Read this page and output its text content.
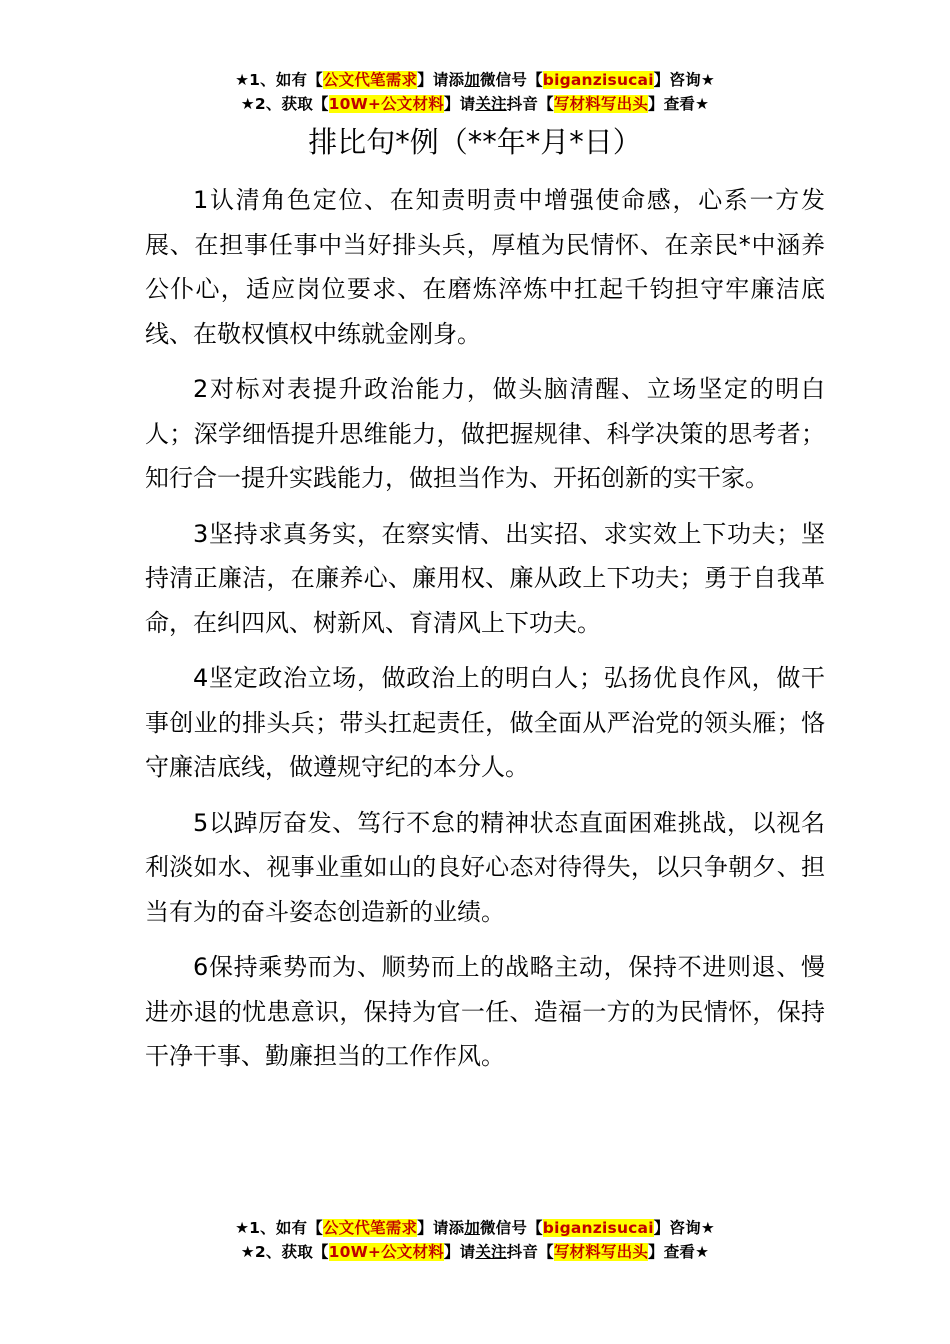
★1、如有【公文代笔需求】请添加微信号【biganzisucai】咨询★
★2、获取【10W+公文材料】请关注抖音【写材料写出头】查看★
排比句*例（**年*月*日）

1认清角色定位、在知责明责中增强使命感，心系一方发展、在担事任事中当好排头兵，厚植为民情怀、在亲民*中涵养公仆心，适应岗位要求、在磨炼淬炼中扛起千钧担守牢廉洁底线、在敬权慎权中练就金刚身。

2对标对表提升政治能力，做头脑清醒、立场坚定的明白人；深学细悟提升思维能力，做把握规律、科学决策的思考者；知行合一提升实践能力，做担当作为、开拓创新的实干家。

3坚持求真务实，在察实情、出实招、求实效上下功夫；坚持清正廉洁，在廉养心、廉用权、廉从政上下功夫；勇于自我革命，在纠四风、树新风、育清风上下功夫。

4坚定政治立场，做政治上的明白人；弘扬优良作风，做干事创业的排头兵；带头扛起责任，做全面从严治党的领头雁；恪守廉洁底线，做遵规守纪的本分人。

5以踔厉奋发、笃行不怠的精神状态直面困难挑战，以视名利淡如水、视事业重如山的良好心态对待得失，以只争朝夕、担当有为的奋斗姿态创造新的业绩。

6保持乘势而为、顺势而上的战略主动，保持不进则退、慢进亦退的忧患意识，保持为官一任、造福一方的为民情怀，保持干净干事、勤廉担当的工作作风。

★1、如有【公文代笔需求】请添加微信号【biganzisucai】咨询★
★2、获取【10W+公文材料】请关注抖音【写材料写出头】查看★
